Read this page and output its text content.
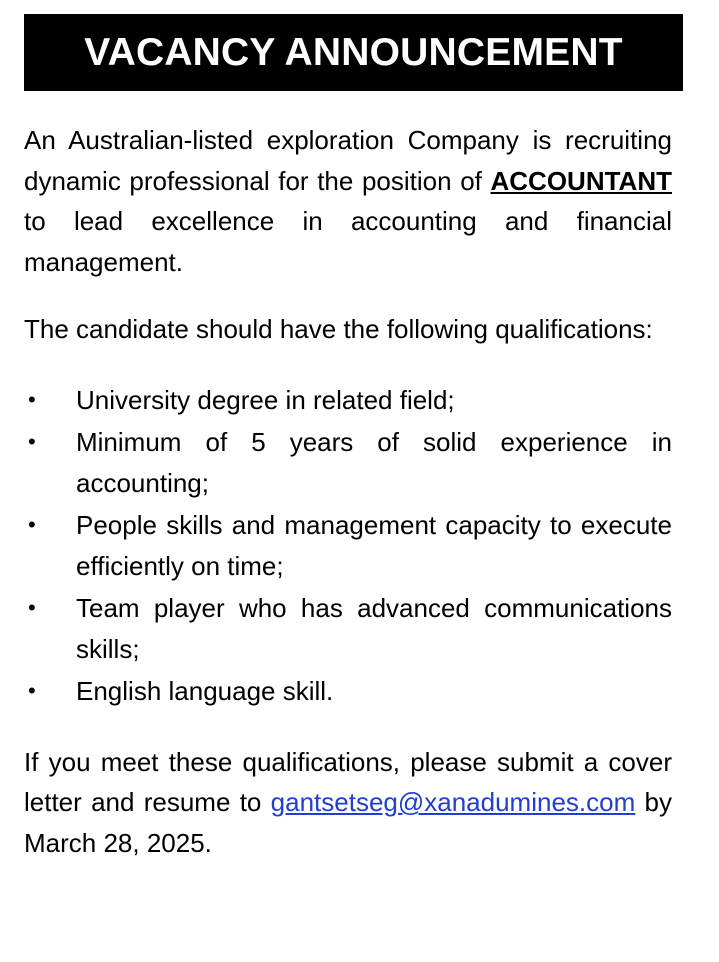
VACANCY ANNOUNCEMENT

An Australian-listed exploration Company is recruiting dynamic professional for the position of ACCOUNTANT to lead excellence in accounting and financial management.

The candidate should have the following qualifications:

• University degree in related field;
• Minimum of 5 years of solid experience in accounting;
• People skills and management capacity to execute efficiently on time;
• Team player who has advanced communications skills;
• English language skill.

If you meet these qualifications, please submit a cover letter and resume to gantsetseg@xanadumines.com by March 28, 2025.
